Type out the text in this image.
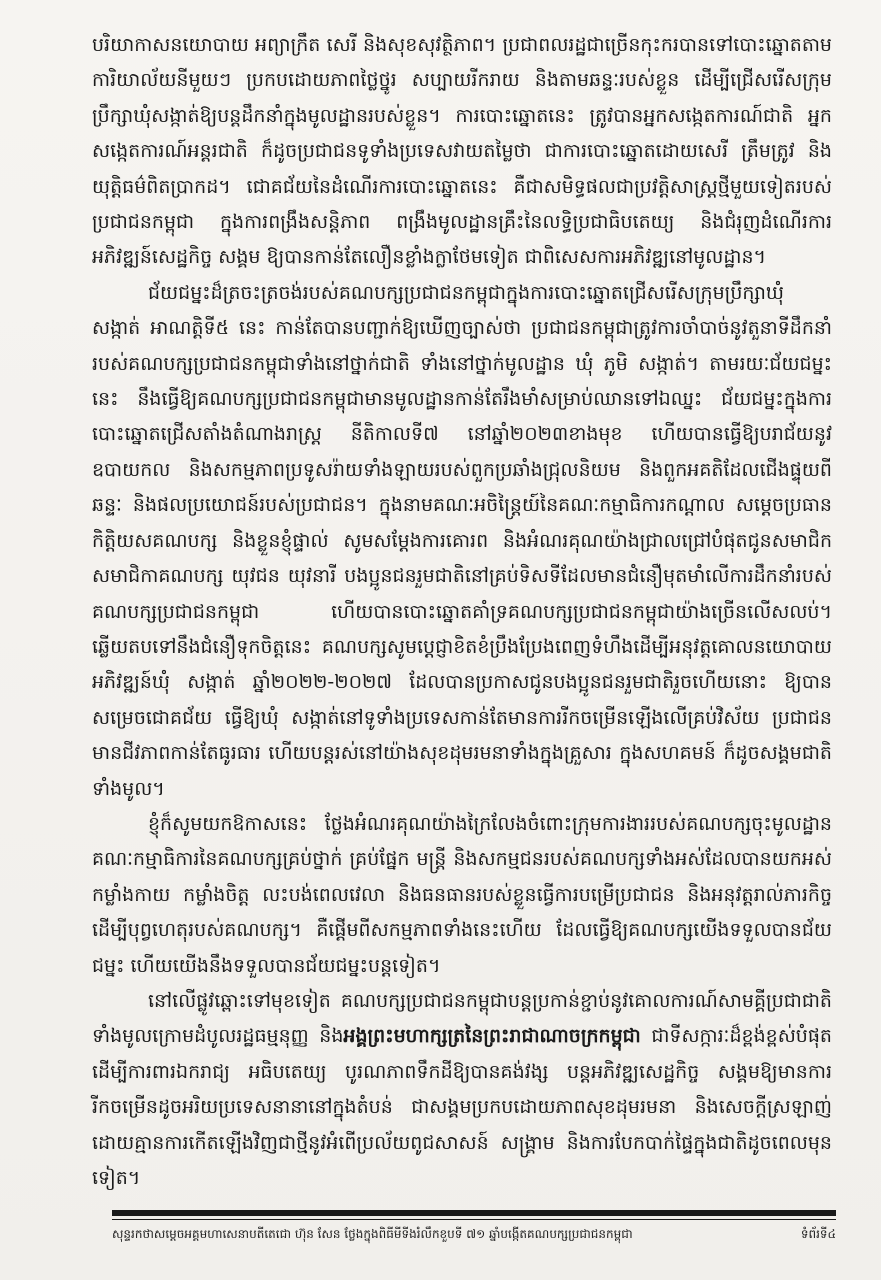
បរិយាកាសនយោបាយ អព្យាក្រឹត សេរី និងសុខសុវត្ថិភាព។ ប្រជាពលរដ្ឋជាច្រើនកុះករបានទៅបោះឆ្នោតតាមការិយាល័យនីមួយៗ ប្រកបដោយភាពថ្លៃថ្នូរ សប្បាយរីករាយ និងតាមឆន្ទៈរបស់ខ្លួន ដើម្បីជ្រើសរើសក្រុមប្រឹក្សាឃុំសង្កាត់ឱ្យបន្តដឹកនាំក្នុងមូលដ្ឋានរបស់ខ្លួន។ ការបោះឆ្នោតនេះ ត្រូវបានអ្នកសង្កេតការណ៍ជាតិ អ្នកសង្កេតការណ៍អន្តរជាតិ ក៏ដូចប្រជាជនទូទាំងប្រទេសវាយតម្លៃថា ជាការបោះឆ្នោតដោយសេរី ត្រឹមត្រូវ និងយុត្តិធម៌ពិតប្រាកដ។ ជោគជ័យនៃដំណើរការបោះឆ្នោតនេះ គឺជាសមិទ្ធផលជាប្រវត្តិសាស្ត្រថ្មីមួយទៀតរបស់ប្រជាជនកម្ពុជា ក្នុងការពង្រឹងសន្តិភាព ពង្រឹងមូលដ្ឋានគ្រឹះនៃលទ្ធិប្រជាធិបតេយ្យ និងជំរុញដំណើរការអភិវឌ្ឍន៍សេដ្ឋកិច្ច សង្គម ឱ្យបានកាន់តែលឿនខ្លាំងក្លាថែមទៀត ជាពិសេសការអភិវឌ្ឍនៅមូលដ្ឋាន។

ជ័យជម្នះដ៏ត្រចះត្រចង់របស់គណបក្សប្រជាជនកម្ពុជាក្នុងការបោះឆ្នោតជ្រើសរើសក្រុមប្រឹក្សាឃុំ សង្កាត់ អាណត្តិទី៥ នេះ កាន់តែបានបញ្ជាក់ឱ្យឃើញច្បាស់ថា ប្រជាជនកម្ពុជាត្រូវការចាំបាច់នូវតួនាទីដឹកនាំរបស់គណបក្សប្រជាជនកម្ពុជាទាំងនៅថ្នាក់ជាតិ ទាំងនៅថ្នាក់មូលដ្ឋាន ឃុំ ភូមិ សង្កាត់។ តាមរយៈជ័យជម្នះនេះ នឹងធ្វើឱ្យគណបក្សប្រជាជនកម្ពុជាមានមូលដ្ឋានកាន់តែរឹងមាំសម្រាប់ឈានទៅឯឈ្នះ ជ័យជម្នះក្នុងការបោះឆ្នោតជ្រើសតាំងតំណាងរាស្ត្រ នីតិកាលទី៧ នៅឆ្នាំ២០២៣ខាងមុខ ហើយបានធ្វើឱ្យបរាជ័យនូវឧបាយកល និងសកម្មភាពប្រទូសរ៉ាយទាំងឡាយរបស់ពួកប្រឆាំងជ្រុលនិយម និងពួកអគតិដែលជើងផ្ទុយពីឆន្ទៈ និងផលប្រយោជន៍របស់ប្រជាជន។ ក្នុងនាមគណៈអចិន្ត្រៃយ៍នៃគណៈកម្មាធិការកណ្តាល សម្តេចប្រធានកិត្តិយសគណបក្ស និងខ្លួនខ្ញុំផ្ទាល់ សូមសម្តែងការគោរព និងអំណរគុណយ៉ាងជ្រាលជ្រៅបំផុតជូនសមាជិក សមាជិកាគណបក្ស យុវជន យុវនារី បងប្អូនជនរួមជាតិនៅគ្រប់ទិសទីដែលមានជំនឿមុតមាំលើការដឹកនាំរបស់គណបក្សប្រជាជនកម្ពុជា ហើយបានបោះឆ្នោតគាំទ្រគណបក្សប្រជាជនកម្ពុជាយ៉ាងច្រើនលើសលប់។ ឆ្លើយតបទៅនឹងជំនឿទុកចិត្តនេះ គណបក្សសូមប្តេជ្ញាខិតខំប្រឹងប្រែងពេញទំហឹងដើម្បីអនុវត្តគោលនយោបាយអភិវឌ្ឍន៍ឃុំ សង្កាត់ ឆ្នាំ២០២២-២០២៧ ដែលបានប្រកាសជូនបងប្អូនជនរួមជាតិរួចហើយនោះ ឱ្យបានសម្រេចជោគជ័យ ធ្វើឱ្យឃុំ សង្កាត់នៅទូទាំងប្រទេសកាន់តែមានការរីកចម្រើនឡើងលើគ្រប់វិស័យ ប្រជាជនមានជីវភាពកាន់តែធូរធារ ហើយបន្តរស់នៅយ៉ាងសុខដុមរមនាទាំងក្នុងគ្រួសារ ក្នុងសហគមន៍ ក៏ដូចសង្គមជាតិទាំងមូល។

ខ្ញុំក៏សូមយកឱកាសនេះ ថ្លែងអំណរគុណយ៉ាងក្រៃលែងចំពោះក្រុមការងាររបស់គណបក្សចុះមូលដ្ឋាន គណៈកម្មាធិការនៃគណបក្សគ្រប់ថ្នាក់ គ្រប់ផ្នែក មន្ត្រី និងសកម្មជនរបស់គណបក្សទាំងអស់ដែលបានយកអស់កម្លាំងកាយ កម្លាំងចិត្ត លះបង់ពេលវេលា និងធនធានរបស់ខ្លួនធ្វើការបម្រើប្រជាជន និងអនុវត្តរាល់ភារកិច្ចដើម្បីបុព្វហេតុរបស់គណបក្ស។ គឺផ្តើមពីសកម្មភាពទាំងនេះហើយ ដែលធ្វើឱ្យគណបក្សយើងទទួលបានជ័យជម្នះ ហើយយើងនឹងទទួលបានជ័យជម្នះបន្តទៀត។

នៅលើផ្លូវឆ្ពោះទៅមុខទៀត គណបក្សប្រជាជនកម្ពុជាបន្តប្រកាន់ខ្ជាប់នូវគោលការណ៍សាមគ្គីប្រជាជាតិទាំងមូលក្រោមដំបូលរដ្ឋធម្មនុញ្ញ និងអង្គព្រះមហាក្សត្រនៃព្រះរាជាណាចក្រកម្ពុជា ជាទីសក្ការៈដ៏ខ្ពង់ខ្ពស់បំផុតដើម្បីការពារឯករាជ្យ អធិបតេយ្យ បូរណភាពទឹកដីឱ្យបានគង់វង្ស បន្តអភិវឌ្ឍសេដ្ឋកិច្ច សង្គមឱ្យមានការរីកចម្រើនដូចអរិយប្រទេសនានានៅក្នុងតំបន់ ជាសង្គមប្រកបដោយភាពសុខដុមរមនា និងសេចក្តីស្រឡាញ់ ដោយគ្មានការកើតឡើងវិញជាថ្មីនូវអំពើប្រល័យពូជសាសន៍ សង្គ្រាម និងការបែកបាក់ផ្ទៃក្នុងជាតិដូចពេលមុនទៀត។

សុន្ទរកថាសម្តេចអគ្គមហាសេនាបតីតេជោ ហ៊ុន សែន ថ្លែងក្នុងពិធីមីទីងរំលឹកខួបទី ៧១ ឆ្នាំបង្កើតគណបក្សប្រជាជនកម្ពុជា	ទំព័រទី៤
